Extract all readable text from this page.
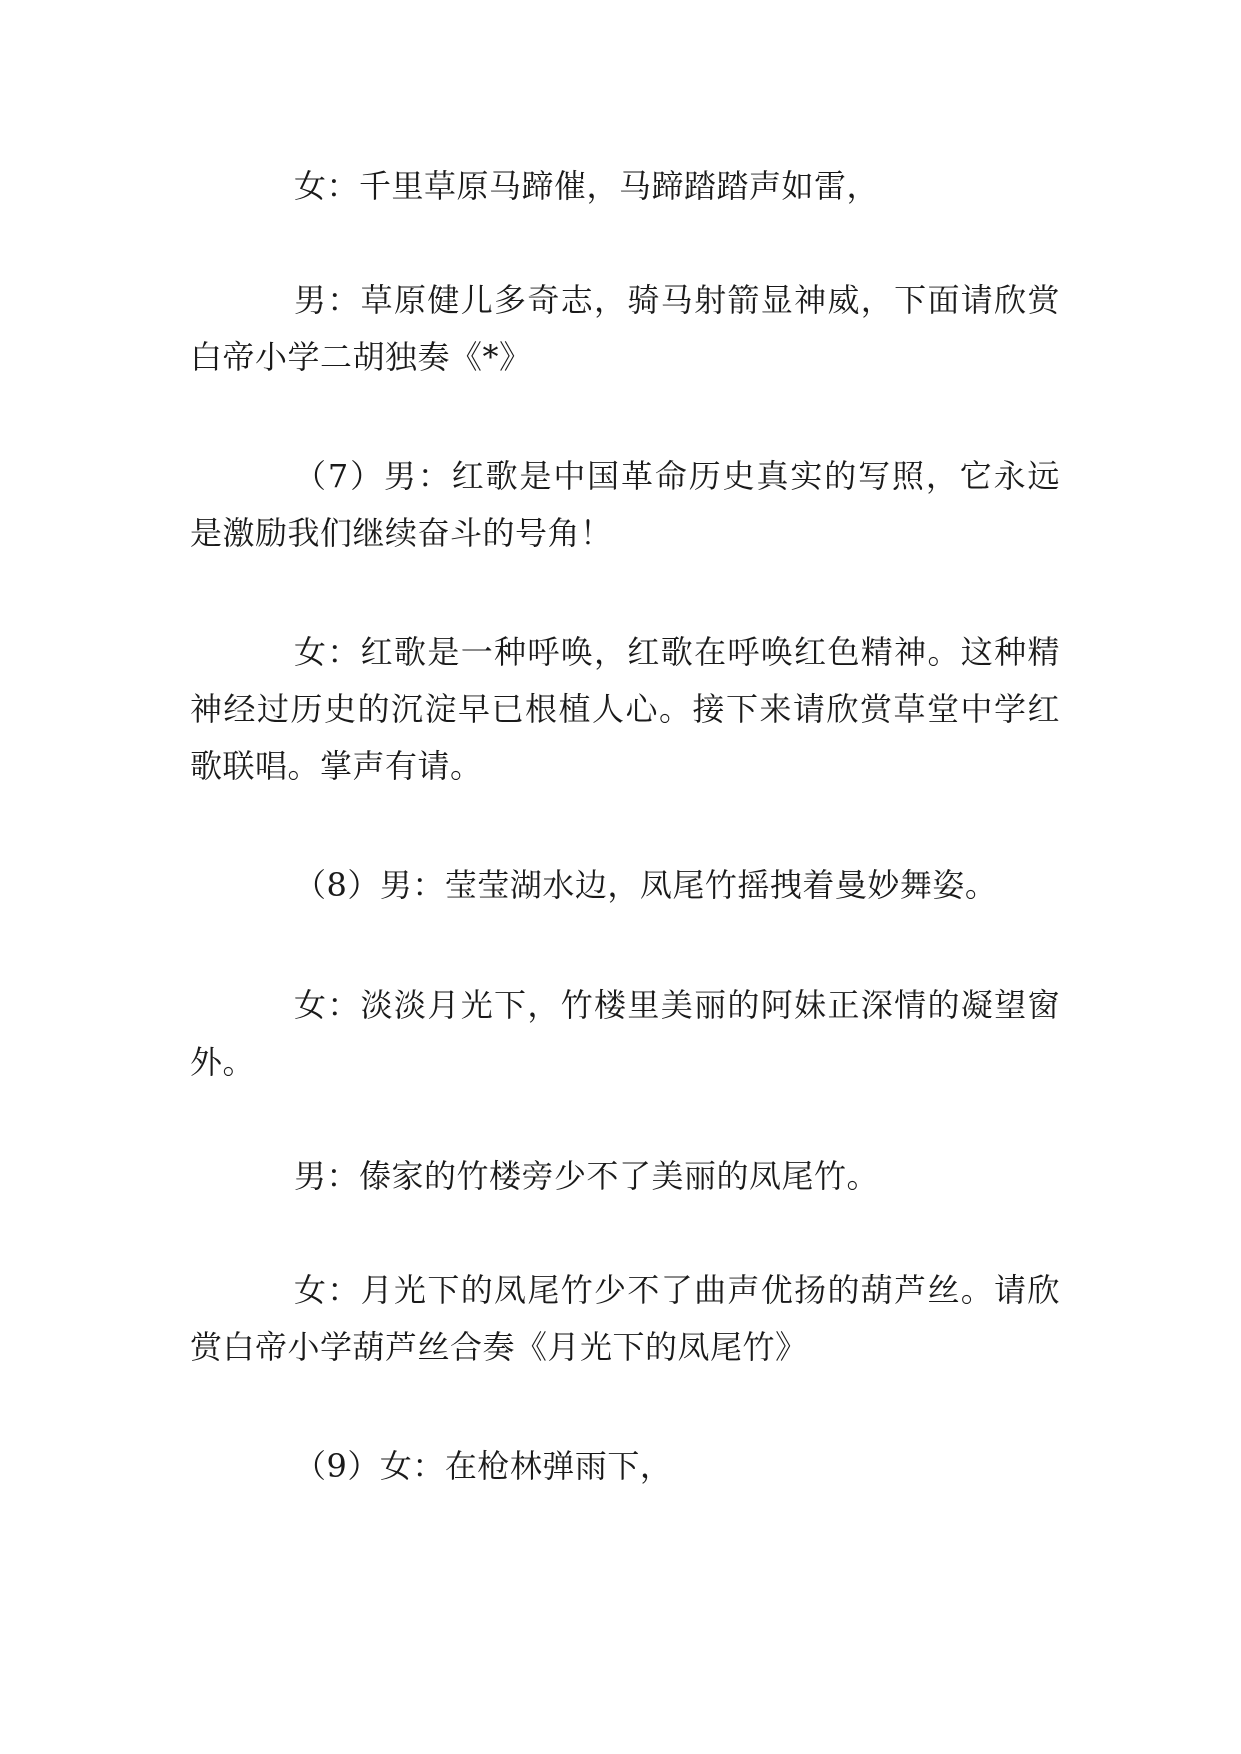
女：千里草原马蹄催，马蹄踏踏声如雷，

男：草原健儿多奇志，骑马射箭显神威，下面请欣赏白帝小学二胡独奏《*》

（7）男：红歌是中国革命历史真实的写照，它永远是激励我们继续奋斗的号角！

女：红歌是一种呼唤，红歌在呼唤红色精神。这种精神经过历史的沉淀早已根植人心。接下来请欣赏草堂中学红歌联唱。掌声有请。

（8）男：莹莹湖水边，凤尾竹摇拽着曼妙舞姿。

女：淡淡月光下，竹楼里美丽的阿妹正深情的凝望窗外。

男：傣家的竹楼旁少不了美丽的凤尾竹。

女：月光下的凤尾竹少不了曲声优扬的葫芦丝。请欣赏白帝小学葫芦丝合奏《月光下的凤尾竹》

（9）女：在枪林弹雨下，
